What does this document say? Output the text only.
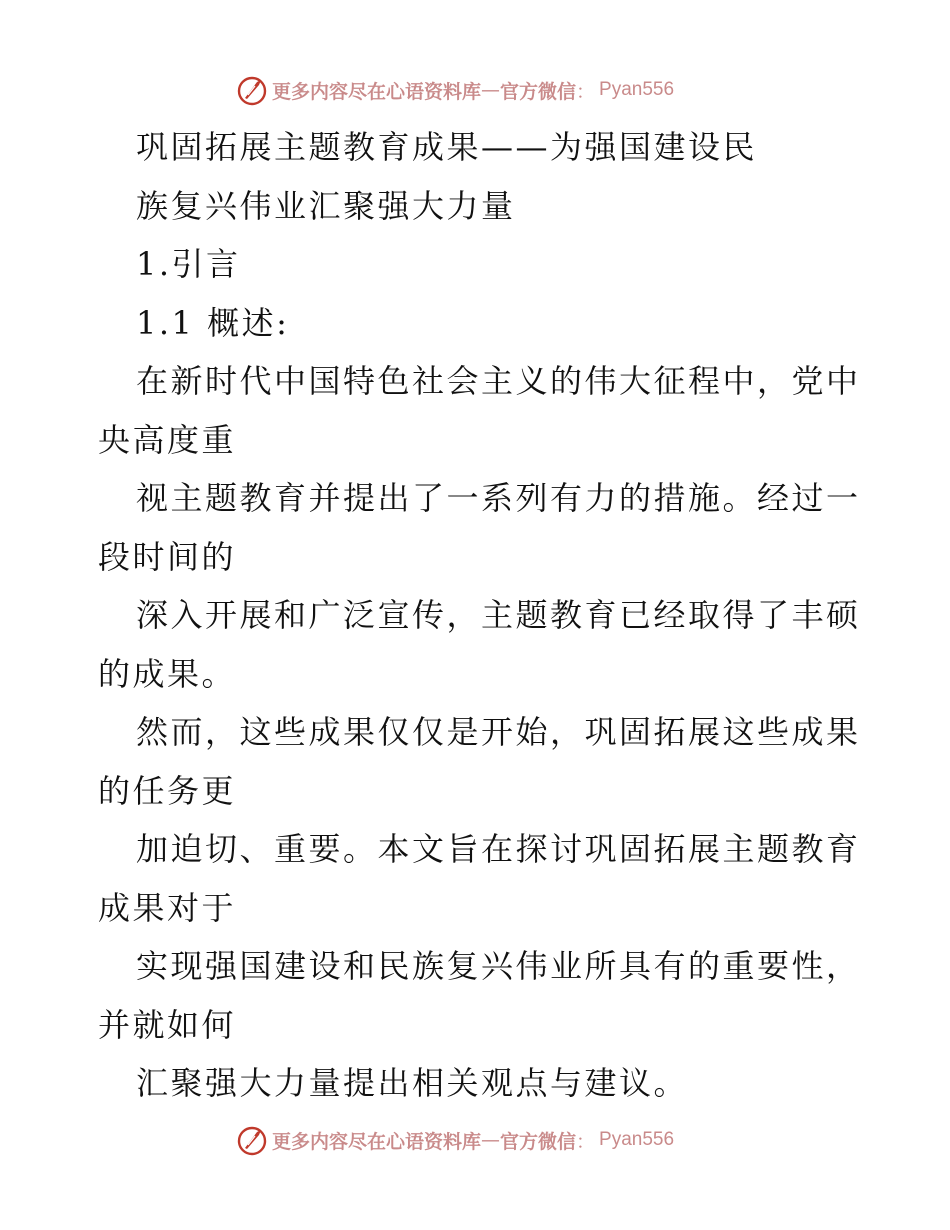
更多内容尽在心语资料库 — 官方微信 ： Pyan556
巩固拓展主题教育成果——为强国建设民
族复兴伟业汇聚强大力量
1.引言
1.1 概述:
在新时代中国特色社会主义的伟大征程中，党中
央高度重
视主题教育并提出了一系列有力的措施。经过一
段时间的
深入开展和广泛宣传，主题教育已经取得了丰硕
的成果。
然而，这些成果仅仅是开始，巩固拓展这些成果
的任务更
加迫切、重要。本文旨在探讨巩固拓展主题教育
成果对于
实现强国建设和民族复兴伟业所具有的重要性，
并就如何
汇聚强大力量提出相关观点与建议。
更多内容尽在心语资料库 — 官方微信 ： Pyan556
